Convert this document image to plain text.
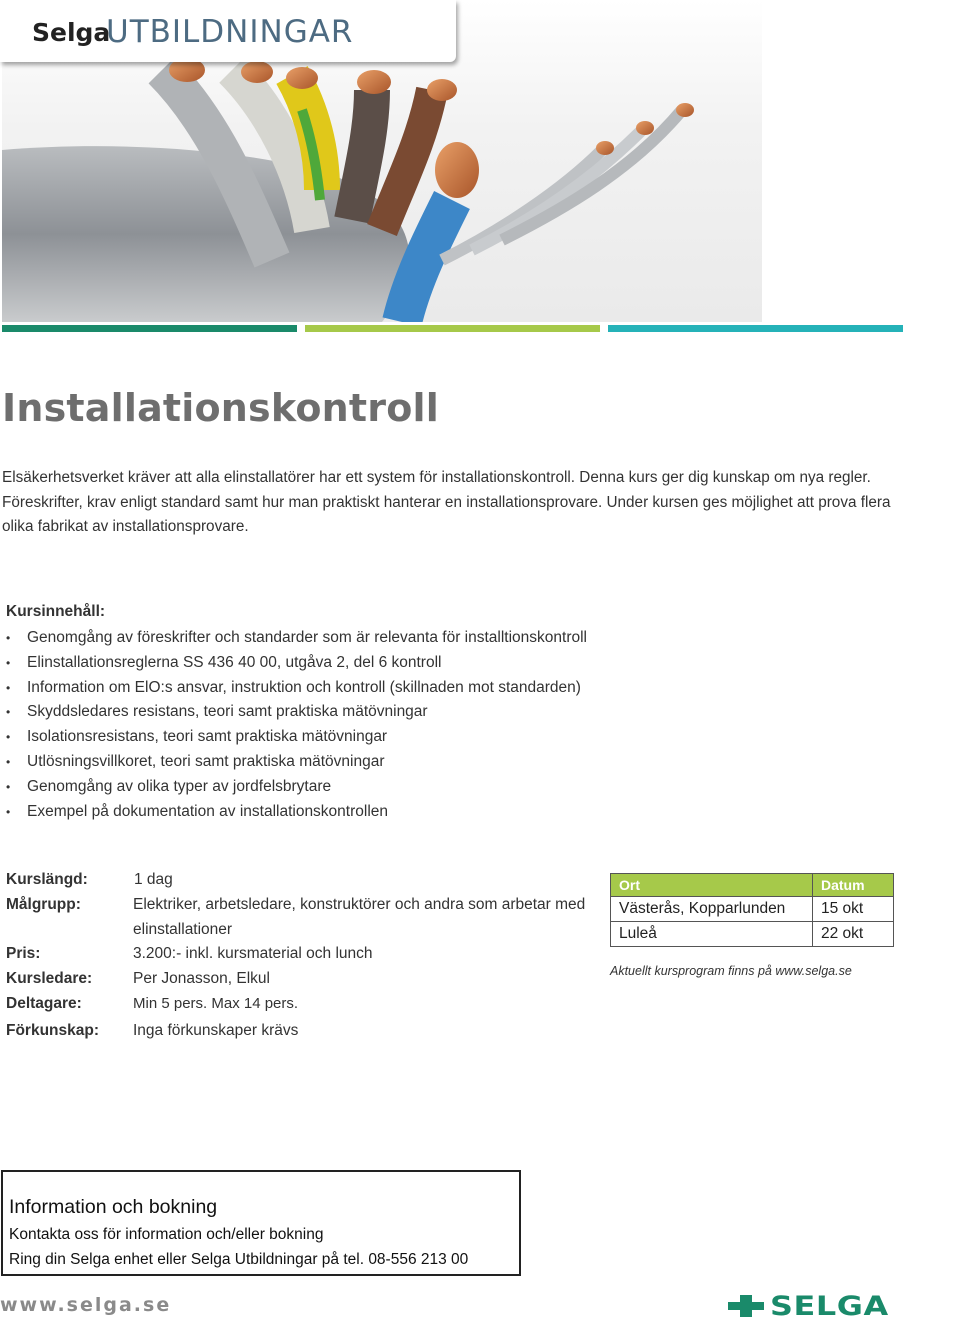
Selga
UTBILDNINGAR
Installationskontroll

Elsäkerhetsverket kräver att alla elinstallatörer har ett system för installationskontroll. Denna kurs ger dig kunskap om nya regler. Föreskrifter, krav enligt standard samt hur man praktiskt hanterar en installationsprovare. Under kursen ges möjlighet att prova flera olika fabrikat av installationsprovare.

Kursinnehåll:
• Genomgång av föreskrifter och standarder som är relevanta för installtionskontroll
• Elinstallationsreglerna SS 436 40 00, utgåva 2, del 6 kontroll
• Information om ElO:s ansvar, instruktion och kontroll (skillnaden mot standarden)
• Skyddsledares resistans, teori samt praktiska mätövningar
• Isolationsresistans, teori samt praktiska mätövningar
• Utlösningsvillkoret, teori samt praktiska mätövningar
• Genomgång av olika typer av jordfelsbrytare
• Exempel på dokumentation av installationskontrollen
Kurslängd:	1 dag
Målgrupp:	Elektriker, arbetsledare, konstruktörer och andra som arbetar med elinstallationer
Pris:	3.200:- inkl. kursmaterial och lunch
Kursledare:	Per Jonasson, Elkul
Deltagare:	Min 5 pers. Max 14 pers.
Förkunskap: Inga förkunskaper krävs
Ort	Datum
Västerås, Kopparlunden	15 okt
Luleå	22 okt
Aktuellt kursprogram finns på www.selga.se
Information och bokning
Kontakta oss för information och/eller bokning
Ring din Selga enhet eller Selga Utbildningar på tel. 08-556 213 00
www.selga.se	SELGA
